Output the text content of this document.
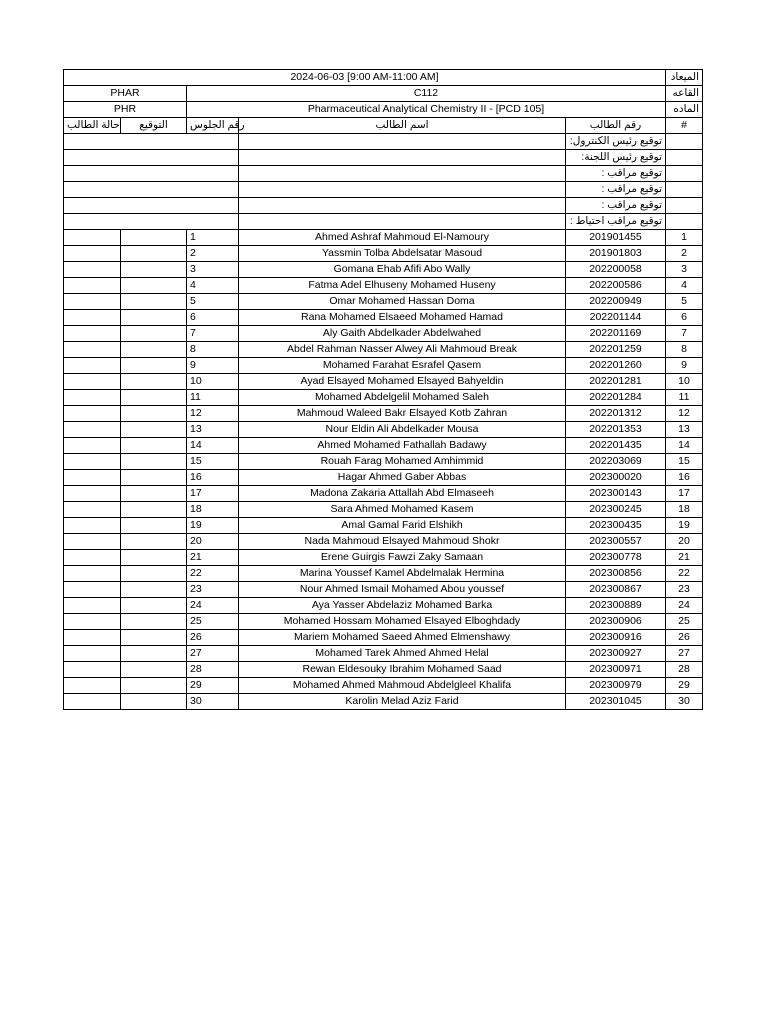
2024-06-03 [9:00 AM-11:00 AM]					الميعاد
PHAR		C112			القاعه
PHR		Pharmaceutical Analytical Chemistry II - [PCD 105]			الماده
حالة الطالب	التوقيع	رقم الجلوس	اسم الطالب	رقم الطالب	#
				توقيع رئيس الكنترول:	
				توقيع رئيس اللجنة:	
				توقيع مراقب :	
				توقيع مراقب :	
				توقيع مراقب :	
				توقيع مراقب احتياط :	
		1	Ahmed Ashraf Mahmoud El-Namoury	201901455	1
		2	Yassmin Tolba Abdelsatar Masoud	201901803	2
		3	Gomana Ehab Afifi Abo Wally	202200058	3
		4	Fatma Adel Elhuseny Mohamed Huseny	202200586	4
		5	Omar Mohamed Hassan Doma	202200949	5
		6	Rana Mohamed Elsaeed Mohamed Hamad	202201144	6
		7	Aly Gaith Abdelkader Abdelwahed	202201169	7
		8	Abdel Rahman Nasser Alwey Ali Mahmoud Break	202201259	8
		9	Mohamed Farahat Esrafel Qasem	202201260	9
		10	Ayad Elsayed Mohamed Elsayed Bahyeldin	202201281	10
		11	Mohamed Abdelgelil Mohamed Saleh	202201284	11
		12	Mahmoud Waleed Bakr Elsayed Kotb Zahran	202201312	12
		13	Nour Eldin Ali Abdelkader Mousa	202201353	13
		14	Ahmed Mohamed Fathallah Badawy	202201435	14
		15	Rouah Farag Mohamed Amhimmid	202203069	15
		16	Hagar Ahmed Gaber Abbas	202300020	16
		17	Madona Zakaria Attallah Abd Elmaseeh	202300143	17
		18	Sara Ahmed Mohamed Kasem	202300245	18
		19	Amal Gamal Farid Elshikh	202300435	19
		20	Nada Mahmoud Elsayed Mahmoud Shokr	202300557	20
		21	Erene Guirgis Fawzi Zaky Samaan	202300778	21
		22	Marina Youssef Kamel Abdelmalak Hermina	202300856	22
		23	Nour Ahmed Ismail Mohamed Abou youssef	202300867	23
		24	Aya Yasser Abdelaziz Mohamed Barka	202300889	24
		25	Mohamed Hossam Mohamed Elsayed Elboghdady	202300906	25
		26	Mariem Mohamed Saeed Ahmed Elmenshawy	202300916	26
		27	Mohamed Tarek Ahmed Ahmed Helal	202300927	27
		28	Rewan Eldesouky Ibrahim Mohamed Saad	202300971	28
		29	Mohamed Ahmed Mahmoud Abdelgleel Khalifa	202300979	29
		30	Karolin Melad Aziz Farid	202301045	30
